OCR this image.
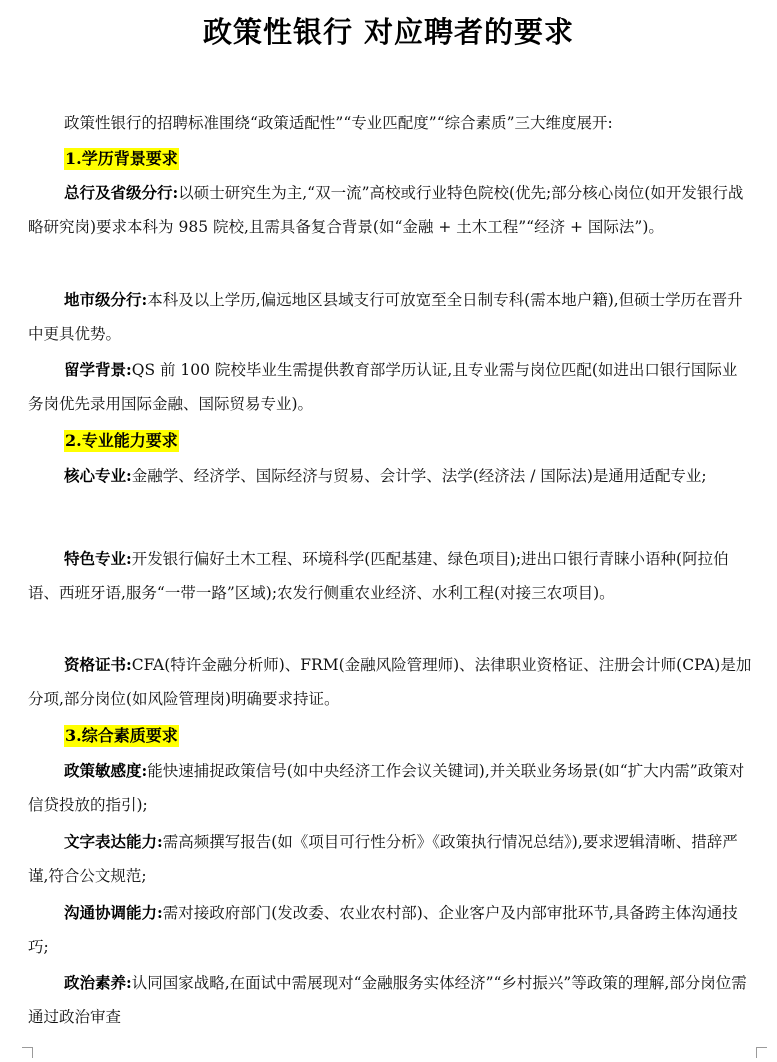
政策性银行 对应聘者的要求
政策性银行的招聘标准围绕“政策适配性”“专业匹配度”“综合素质”三大维度展开:
1.学历背景要求
总行及省级分行:以硕士研究生为主,“双一流”高校或行业特色院校(优先;部分核心岗位(如开发银行战略研究岗)要求本科为 985 院校,且需具备复合背景(如“金融 + 土木工程”“经济 + 国际法”)。
地市级分行:本科及以上学历,偏远地区县域支行可放宽至全日制专科(需本地户籍),但硕士学历在晋升中更具优势。
留学背景:QS 前 100 院校毕业生需提供教育部学历认证,且专业需与岗位匹配(如进出口银行国际业务岗优先录用国际金融、国际贸易专业)。
2.专业能力要求
核心专业:金融学、经济学、国际经济与贸易、会计学、法学(经济法 / 国际法)是通用适配专业;
特色专业:开发银行偏好土木工程、环境科学(匹配基建、绿色项目);进出口银行青睐小语种(阿拉伯语、西班牙语,服务“一带一路”区域);农发行侧重农业经济、水利工程(对接三农项目)。
资格证书:CFA(特许金融分析师)、FRM(金融风险管理师)、法律职业资格证、注册会计师(CPA)是加分项,部分岗位(如风险管理岗)明确要求持证。
3.综合素质要求
政策敏感度:能快速捕捉政策信号(如中央经济工作会议关键词),并关联业务场景(如“扩大内需”政策对信贷投放的指引);
文字表达能力:需高频撰写报告(如《项目可行性分析》《政策执行情况总结》),要求逻辑清晰、措辞严谨,符合公文规范;
沟通协调能力:需对接政府部门(发改委、农业农村部)、企业客户及内部审批环节,具备跨主体沟通技巧;
政治素养:认同国家战略,在面试中需展现对“金融服务实体经济”“乡村振兴”等政策的理解,部分岗位需通过政治审查
